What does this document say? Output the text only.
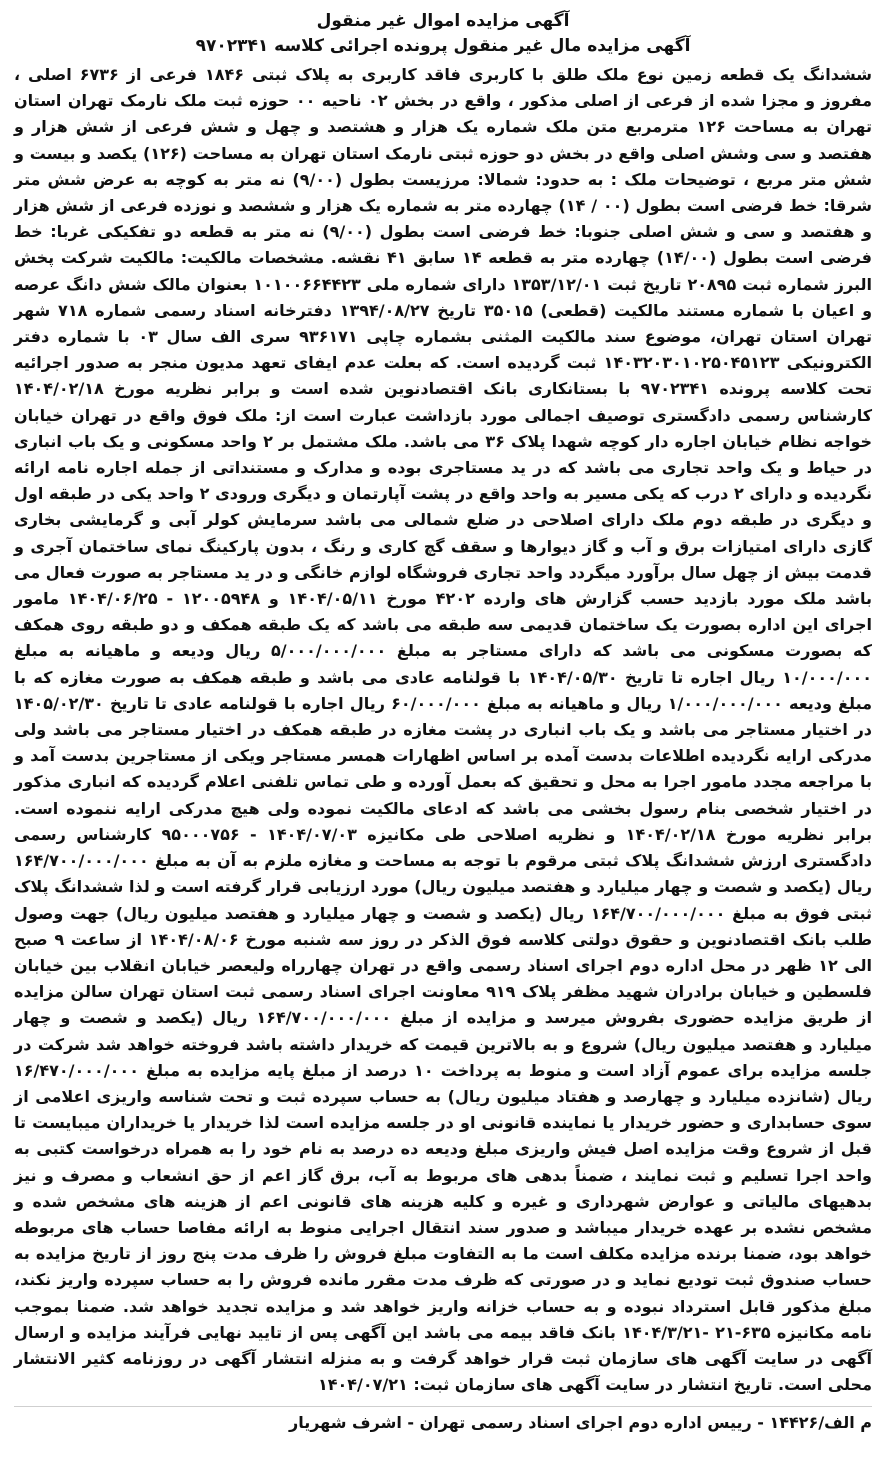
آگهی مزایده اموال غیر منقول
آگهی مزایده مال غیر منقول پرونده اجرائی کلاسه ۹۷۰۲۳۴۱

ششدانگ یک قطعه زمین نوع ملک طلق با کاربری فاقد کاربری به پلاک ثبتی ۱۸۴۶ فرعی از ۶۷۳۶ اصلی ، مفروز و مجزا شده از فرعی از اصلی مذکور ، واقع در بخش ۰۲ ناحیه ۰۰ حوزه ثبت ملک نارمک تهران استان تهران به مساحت ۱۲۶ مترمربع متن ملک شماره یک هزار و هشتصد و چهل و شش فرعی از شش هزار و هفتصد و سی وشش اصلی واقع در بخش دو حوزه ثبتی نارمک استان تهران به مساحت (۱۲۶) یکصد و بیست و شش متر مربع ، توضیحات ملک : به حدود: شمالا: مرزیست بطول (۹/۰۰) نه متر به کوچه به عرض شش متر شرقا: خط فرضی است بطول (۰۰ / ۱۴) چهارده متر به شماره یک هزار و ششصد و نوزده فرعی از شش هزار و هفتصد و سی و شش اصلی جنوبا: خط فرضی است بطول (۹/۰۰) نه متر به قطعه دو تفکیکی غربا: خط فرضی است بطول (۱۴/۰۰) چهارده متر به قطعه ۱۴ سابق ۴۱ نقشه. مشخصات مالکیت: مالکیت شرکت پخش البرز شماره ثبت ۲۰۸۹۵ تاریخ ثبت ۱۳۵۳/۱۲/۰۱ دارای شماره ملی ۱۰۱۰۰۶۶۴۴۲۳ بعنوان مالک شش دانگ عرصه و اعیان با شماره مستند مالکیت (قطعی) ۳۵۰۱۵ تاریخ ۱۳۹۴/۰۸/۲۷ دفترخانه اسناد رسمی شماره ۷۱۸ شهر تهران استان تهران، موضوع سند مالکیت المثنی بشماره چاپی ۹۳۶۱۷۱ سری الف سال ۰۳ با شماره دفتر الکترونیکی ۱۴۰۳۲۰۳۰۱۰۲۵۰۴۵۱۲۳ ثبت گردیده است. که بعلت عدم ایفای تعهد مدیون منجر به صدور اجرائیه تحت کلاسه پرونده ۹۷۰۲۳۴۱ با بستانکاری بانک اقتصادنوین شده است و برابر نظریه مورخ ۱۴۰۴/۰۲/۱۸ کارشناس رسمی دادگستری توصیف اجمالی مورد بازداشت عبارت است از: ملک فوق واقع در تهران خیابان خواجه نظام خیابان اجاره دار کوچه شهدا پلاک ۳۶ می باشد. ملک مشتمل بر ۲ واحد مسکونی و یک باب انباری در حیاط و یک واحد تجاری می باشد که در ید مستاجری بوده و مدارک و مستنداتی از جمله اجاره نامه ارائه نگردیده و دارای ۲ درب که یکی مسیر به واحد واقع در پشت آپارتمان و دیگری ورودی ۲ واحد یکی در طبقه اول و دیگری در طبقه دوم ملک دارای اصلاحی در ضلع شمالی می باشد سرمایش کولر آبی و گرمایشی بخاری گازی دارای امتیازات برق و آب و گاز دیوارها و سقف گچ کاری و رنگ ، بدون پارکینگ نمای ساختمان آجری و قدمت بیش از چهل سال برآورد میگردد واحد تجاری فروشگاه لوازم خانگی و در ید مستاجر به صورت فعال می باشد ملک مورد بازدید حسب گزارش های وارده ۴۲۰۲ مورخ ۱۴۰۴/۰۵/۱۱ و ۱۲۰۰۵۹۴۸ - ۱۴۰۴/۰۶/۲۵ مامور اجرای این اداره بصورت یک ساختمان قدیمی سه طبقه می باشد که یک طبقه همکف و دو طبقه روی همکف که بصورت مسکونی می باشد که دارای مستاجر به مبلغ ۵/۰۰۰/۰۰۰/۰۰۰ ریال ودیعه و ماهیانه به مبلغ ۱۰/۰۰۰/۰۰۰ ریال اجاره تا تاریخ ۱۴۰۴/۰۵/۳۰ با قولنامه عادی می باشد و طبقه همکف به صورت مغازه که با مبلغ ودیعه ۱/۰۰۰/۰۰۰/۰۰۰ ریال و ماهیانه به مبلغ ۶۰/۰۰۰/۰۰۰ ریال اجاره با قولنامه عادی تا تاریخ ۱۴۰۵/۰۲/۳۰ در اختیار مستاجر می باشد و یک باب انباری در پشت مغازه در طبقه همکف در اختیار مستاجر می باشد ولی مدرکی ارایه نگردیده اطلاعات بدست آمده بر اساس اظهارات همسر مستاجر ویکی از مستاجرین بدست آمد و با مراجعه مجدد مامور اجرا به محل و تحقیق که بعمل آورده و طی تماس تلفنی اعلام گردیده که انباری مذکور در اختیار شخصی بنام رسول بخشی می باشد که ادعای مالکیت نموده ولی هیچ مدرکی ارایه ننموده است. برابر نظریه مورخ ۱۴۰۴/۰۲/۱۸ و نظریه اصلاحی طی مکانیزه ۱۴۰۴/۰۷/۰۳ - ۹۵۰۰۰۷۵۶ کارشناس رسمی دادگستری ارزش ششدانگ پلاک ثبتی مرقوم با توجه به مساحت و مغازه ملزم به آن به مبلغ ۱۶۴/۷۰۰/۰۰۰/۰۰۰ ریال (یکصد و شصت و چهار میلیارد و هفتصد میلیون ریال) مورد ارزیابی قرار گرفته است و لذا ششدانگ پلاک ثبتی فوق به مبلغ ۱۶۴/۷۰۰/۰۰۰/۰۰۰ ریال (یکصد و شصت و چهار میلیارد و هفتصد میلیون ریال) جهت وصول طلب بانک اقتصادنوین و حقوق دولتی کلاسه فوق الذکر در روز سه شنبه مورخ ۱۴۰۴/۰۸/۰۶ از ساعت ۹ صبح الی ۱۲ ظهر در محل اداره دوم اجرای اسناد رسمی واقع در تهران چهارراه ولیعصر خیابان انقلاب بین خیابان فلسطین و خیابان برادران شهید مظفر پلاک ۹۱۹ معاونت اجرای اسناد رسمی ثبت استان تهران سالن مزایده از طریق مزایده حضوری بفروش میرسد و مزایده از مبلغ ۱۶۴/۷۰۰/۰۰۰/۰۰۰ ریال (یکصد و شصت و چهار میلیارد و هفتصد میلیون ریال) شروع و به بالاترین قیمت که خریدار داشته باشد فروخته خواهد شد شرکت در جلسه مزایده برای عموم آزاد است و منوط به پرداخت ۱۰ درصد از مبلغ پایه مزایده به مبلغ ۱۶/۴۷۰/۰۰۰/۰۰۰ ریال (شانزده میلیارد و چهارصد و هفتاد میلیون ریال) به حساب سپرده ثبت و تحت شناسه واریزی اعلامی از سوی حسابداری و حضور خریدار یا نماینده قانونی او در جلسه مزایده است لذا خریدار یا خریداران میبایست تا قبل از شروع وقت مزایده اصل فیش واریزی مبلغ ودیعه ده درصد به نام خود را به همراه درخواست کتبی به واحد اجرا تسلیم و ثبت نمایند ، ضمناً بدهی های مربوط به آب، برق گاز اعم از حق انشعاب و مصرف و نیز بدهیهای مالیاتی و عوارض شهرداری و غیره و کلیه هزینه های قانونی اعم از هزینه های مشخص شده و مشخص نشده بر عهده خریدار میباشد و صدور سند انتقال اجرایی منوط به ارائه مفاصا حساب های مربوطه خواهد بود، ضمنا برنده مزایده مکلف است ما به التفاوت مبلغ فروش را ظرف مدت پنج روز از تاریخ مزایده به حساب صندوق ثبت توديع نماید و در صورتی که ظرف مدت مقرر مانده فروش را به حساب سپرده واریز نکند، مبلغ مذکور قابل استرداد نبوده و به حساب خزانه واریز خواهد شد و مزایده تجدید خواهد شد. ضمنا بموجب نامه مکانیزه ۶۳۵-۲۱ -۱۴۰۴/۳/۲۱ بانک فاقد بیمه می باشد این آگهی پس از تایید نهایی فرآیند مزایده و ارسال آگهی در سایت آگهی های سازمان ثبت قرار خواهد گرفت و به منزله انتشار آگهی در روزنامه کثیر الانتشار محلی است. تاریخ انتشار در سایت آگهی های سازمان ثبت: ۱۴۰۴/۰۷/۲۱

م الف/۱۴۴۲۶ - رییس اداره دوم اجرای اسناد رسمی تهران - اشرف شهریار
